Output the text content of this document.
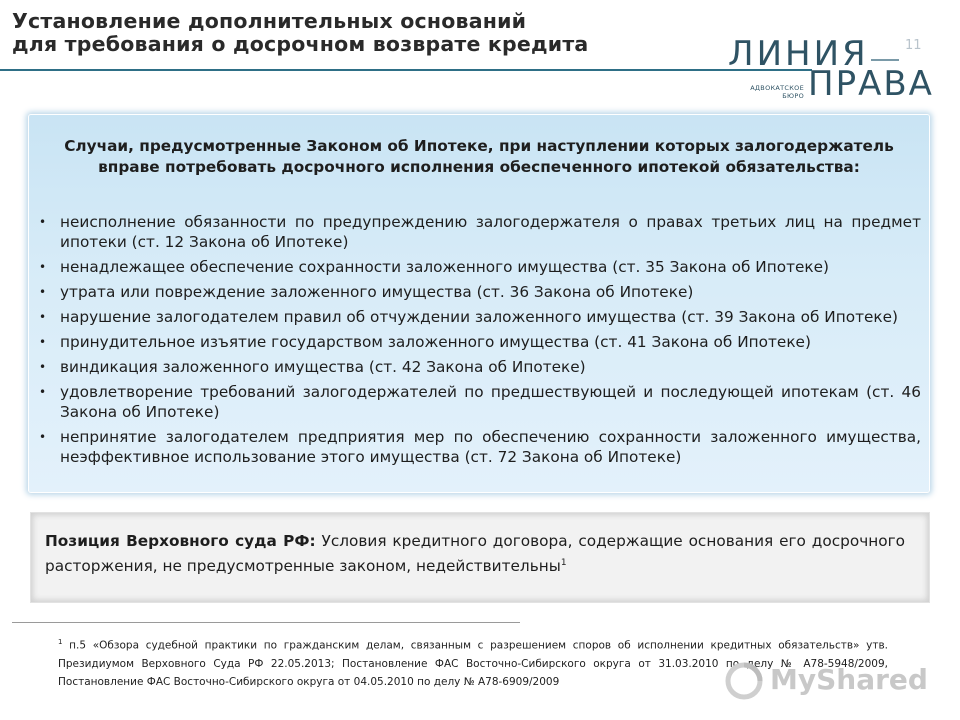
Установление дополнительных оснований
для требования о досрочном возврате кредита	11
ЛИНИЯ
АДВОКАТСКОЕ БЮРО ПРАВА
Случаи, предусмотренные Законом об Ипотеке, при наступлении которых залогодержатель вправе потребовать досрочного исполнения обеспеченного ипотекой обязательства:
• неисполнение обязанности по предупреждению залогодержателя о правах третьих лиц на предмет ипотеки (ст. 12 Закона об Ипотеке)
• ненадлежащее обеспечение сохранности заложенного имущества (ст. 35 Закона об Ипотеке)
• утрата или повреждение заложенного имущества (ст. 36 Закона об Ипотеке)
• нарушение залогодателем правил об отчуждении заложенного имущества (ст. 39 Закона об Ипотеке)
• принудительное изъятие государством заложенного имущества (ст. 41 Закона об Ипотеке)
• виндикация заложенного имущества (ст. 42 Закона об Ипотеке)
• удовлетворение требований залогодержателей по предшествующей и последующей ипотекам (ст. 46 Закона об Ипотеке)
• непринятие залогодателем предприятия мер по обеспечению сохранности заложенного имущества, неэффективное использование этого имущества (ст. 72 Закона об Ипотеке)
Позиция Верховного суда РФ: Условия кредитного договора, содержащие основания его досрочного расторжения, не предусмотренные законом, недействительны$^1$
$^1$ п.5 «Обзора судебной практики по гражданским делам, связанным с разрешением споров об исполнении кредитных обязательств» утв. Президиумом Верховного Суда РФ 22.05.2013; Постановление ФАС Восточно-Сибирского округа от 31.03.2010 по делу № А78-5948/2009, Постановление ФАС Восточно-Сибирского округа от 04.05.2010 по делу № А78-6909/2009	MyShared
